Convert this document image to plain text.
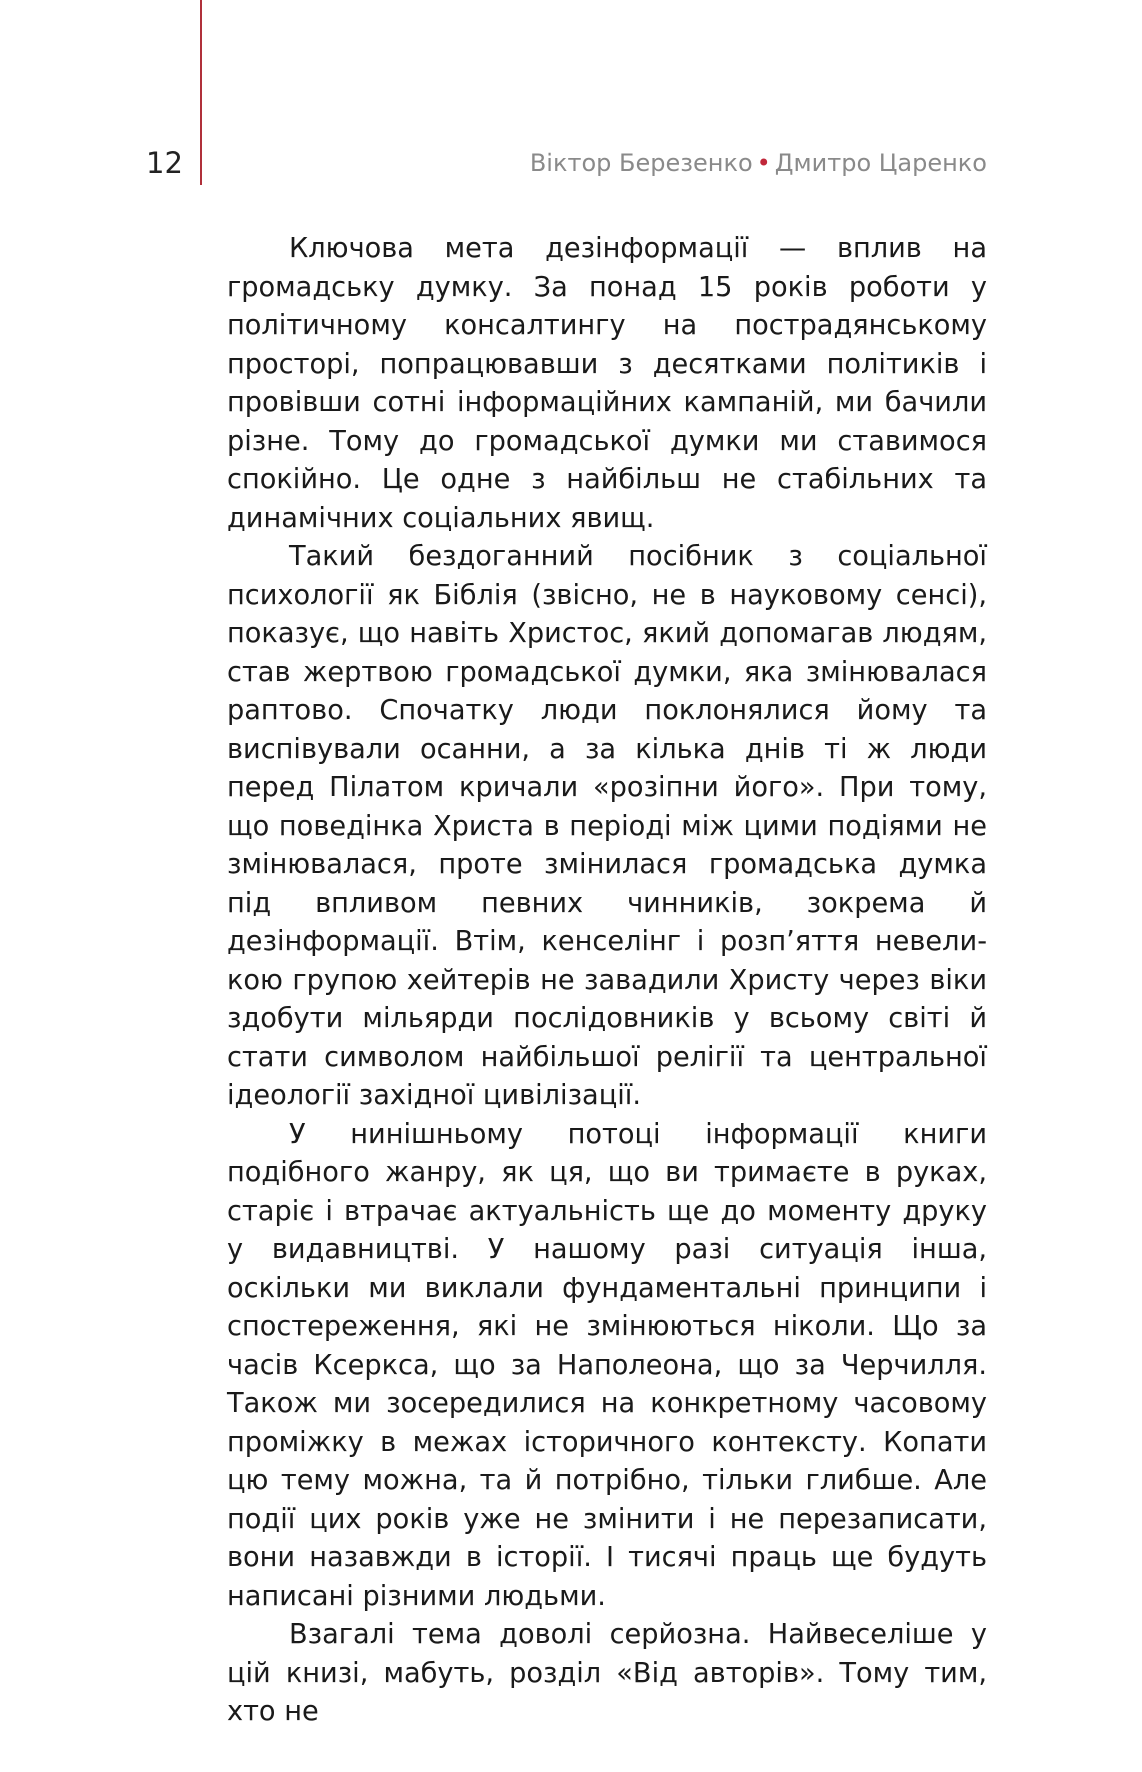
12	Віктор Березенко • Дмитро Царенко

Ключова мета дезінформації — вплив на громадську думку. За понад 15 років роботи у політичному консалтингу на пострадянському просторі, попрацювавши з десятками політиків і провівши сотні інформаційних кампаній, ми бачили різне. Тому до громадської думки ми ставимося спокійно. Це одне з найбільш не стабільних та динамічних соціальних явищ.

Такий бездоганний посібник з соціальної психології як Біблія (звісно, не в науковому сенсі), показує, що навіть Христос, який допомагав людям, став жертвою громадської думки, яка змінювалася раптово. Спочатку люди поклонялися йому та виспівували осанни, а за кілька днів ті ж люди перед Пілатом кричали «розіпни його». При тому, що поведінка Христа в періоді між цими подіями не змінювалася, проте змінилася громадська думка під впливом певних чинників, зокрема й дезінформації. Втім, кенселінг і розп’яття невеликою групою хейтерів не завадили Христу через віки здобути мільярди послідовників у всьому світі й стати символом найбільшої релігії та центральної ідеології західної цивілізації.

У нинішньому потоці інформації книги подібного жанру, як ця, що ви тримаєте в руках, старіє і втрачає актуальність ще до моменту друку у видавництві. У нашому разі ситуація інша, оскільки ми виклали фундаментальні принципи і спостереження, які не змінюються ніколи. Що за часів Ксеркса, що за Наполеона, що за Черчилля. Також ми зосередилися на конкретному часовому проміжку в межах історичного контексту. Копати цю тему можна, та й потрібно, тільки глибше. Але події цих років уже не змінити і не перезаписати, вони назавжди в історії. І тисячі праць ще будуть написані різними людьми.

Взагалі тема доволі серйозна. Найвеселіше у цій книзі, мабуть, розділ «Від авторів». Тому тим, хто не
